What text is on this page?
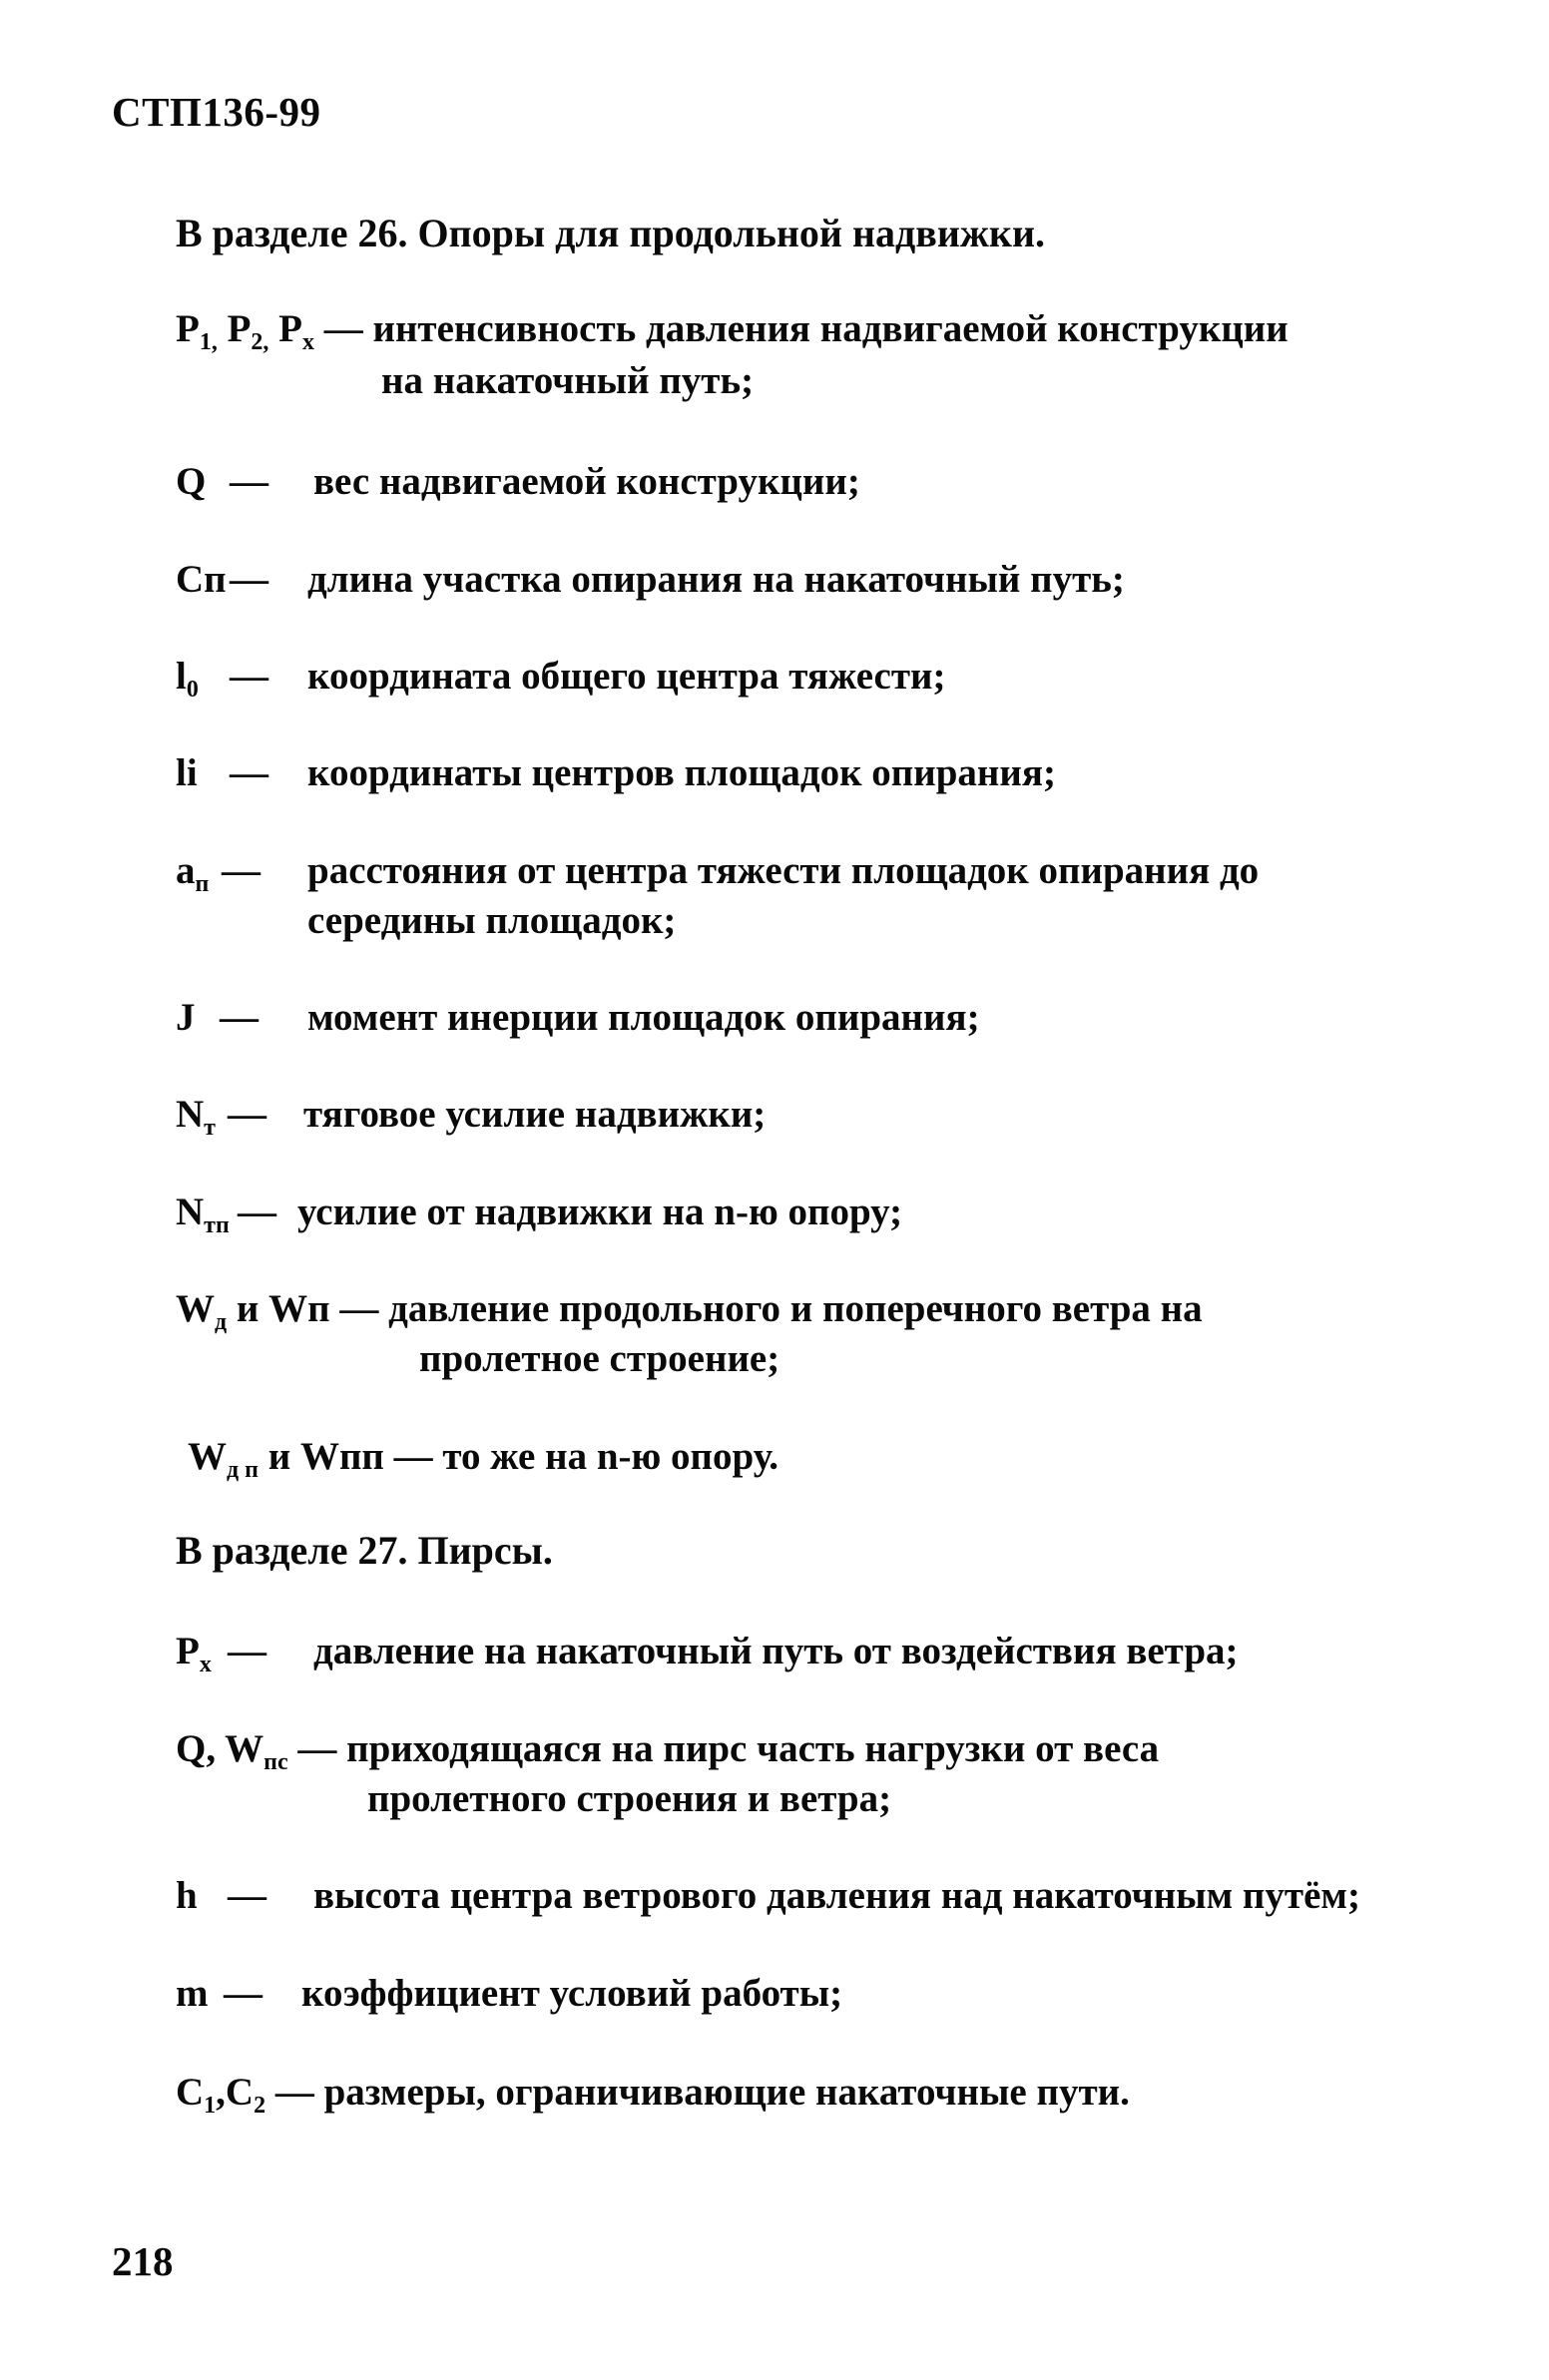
СТП136-99
В разделе 26. Опоры для продольной надвижки.
$P_{1,}$ $P_{2,}$ $P_x$ — интенсивность давления надвигаемой конструкции
на накаточный путь;
Q — вес надвигаемой конструкции;
Cп— длина участка опирания на накаточный путь;
$l_0$ — координата общего центра тяжести;
li — координаты центров площадок опирания;
$a_п$ — расстояния от центра тяжести площадок опирания до
середины площадок;
J — момент инерции площадок опирания;
$N_т$ — тяговое усилие надвижки;
$N_{тп}$ — усилие от надвижки на n-ю опору;
$W_д$ и Wп — давление продольного и поперечного ветра на
пролетное строение;
$W_{д п}$ и Wпп — то же на n-ю опору.
В разделе 27. Пирсы.
$P_x$ — давление на накаточный путь от воздействия ветра;
Q, $W_{пс}$ — приходящаяся на пирс часть нагрузки от веса
пролетного строения и ветра;
h — высота центра ветрового давления над накаточным путём;
m — коэффициент условий работы;
$C_1,C_2$ — размеры, ограничивающие накаточные пути.
218
